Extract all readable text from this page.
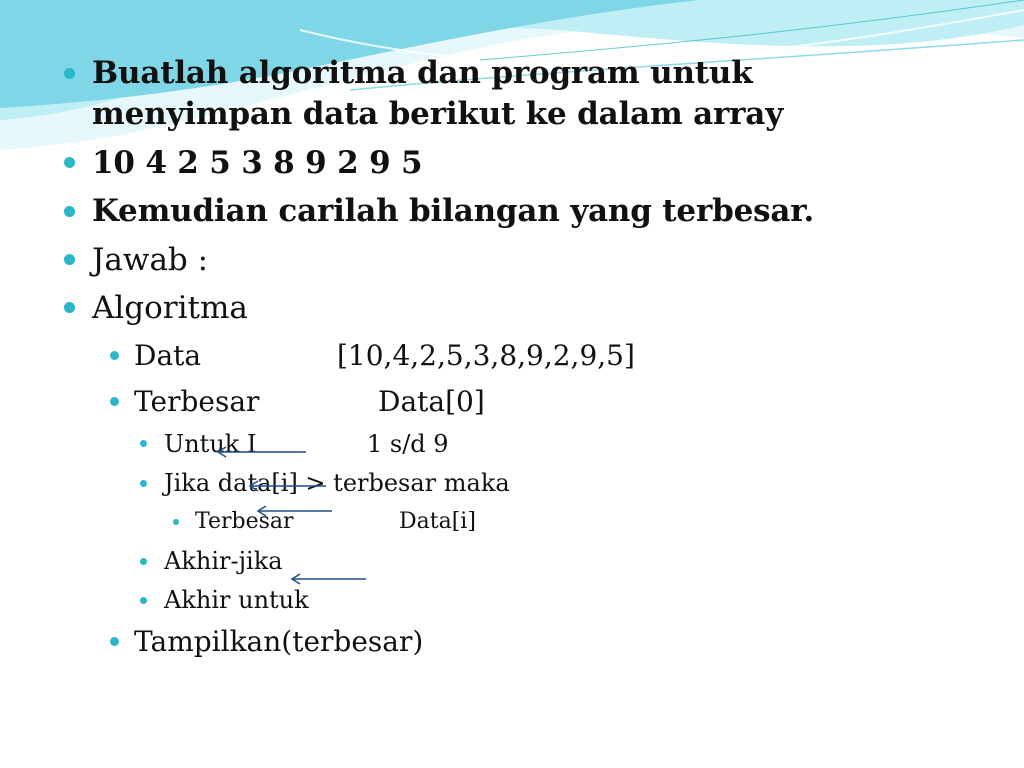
Buatlah algoritma dan program untuk
menyimpan data berikut ke dalam array
10 4 2 5 3 8 9 2 9 5
Kemudian carilah bilangan yang terbesar.
Jawab :
Algoritma
Data	[10,4,2,5,3,8,9,2,9,5]
Terbesar	Data[0]
Untuk I	1 s/d 9
Jika data[i] > terbesar maka
Terbesar	Data[i]
Akhir-jika
Akhir untuk
Tampilkan(terbesar)
